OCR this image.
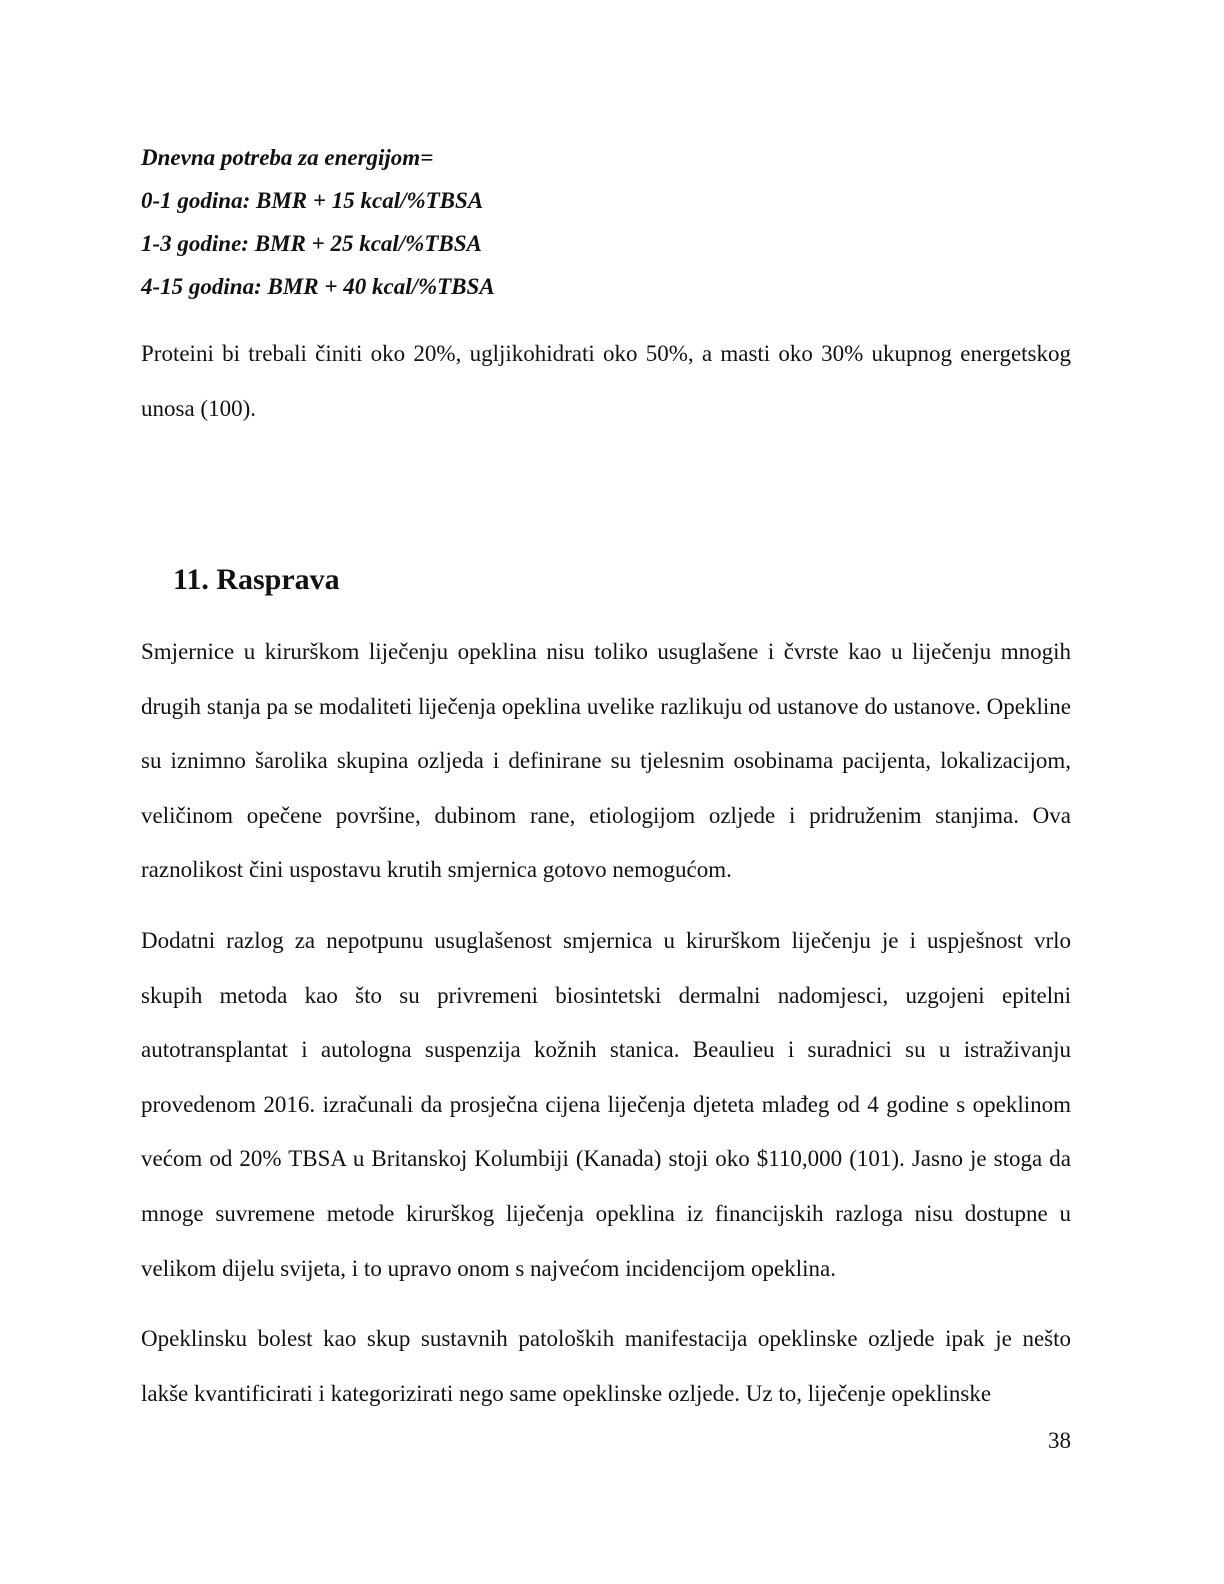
Dnevna potreba za energijom=

0-1 godina: BMR + 15 kcal/%TBSA

1-3 godine: BMR + 25 kcal/%TBSA

4-15 godina: BMR + 40 kcal/%TBSA

Proteini bi trebali činiti oko 20%, ugljikohidrati oko 50%, a masti oko 30% ukupnog energetskog unosa (100).

11. Rasprava

Smjernice u kirurškom liječenju opeklina nisu toliko usuglašene i čvrste kao u liječenju mnogih drugih stanja pa se modaliteti liječenja opeklina uvelike razlikuju od ustanove do ustanove. Opekline su iznimno šarolika skupina ozljeda i definirane su tjelesnim osobinama pacijenta, lokalizacijom, veličinom opečene površine, dubinom rane, etiologijom ozljede i pridruženim stanjima. Ova raznolikost čini uspostavu krutih smjernica gotovo nemogućom.

Dodatni razlog za nepotpunu usuglašenost smjernica u kirurškom liječenju je i uspješnost vrlo skupih metoda kao što su privremeni biosintetski dermalni nadomjesci, uzgojeni epitelni autotransplantat i autologna suspenzija kožnih stanica. Beaulieu i suradnici su u istraživanju provedenom 2016. izračunali da prosječna cijena liječenja djeteta mlađeg od 4 godine s opeklinom većom od 20% TBSA u Britanskoj Kolumbiji (Kanada) stoji oko $110,000 (101). Jasno je stoga da mnoge suvremene metode kirurškog liječenja opeklina iz financijskih razloga nisu dostupne u velikom dijelu svijeta, i to upravo onom s najvećom incidencijom opeklina.

Opeklinsku bolest kao skup sustavnih patoloških manifestacija opeklinske ozljede ipak je nešto lakše kvantificirati i kategorizirati nego same opeklinske ozljede. Uz to, liječenje opeklinske

38
